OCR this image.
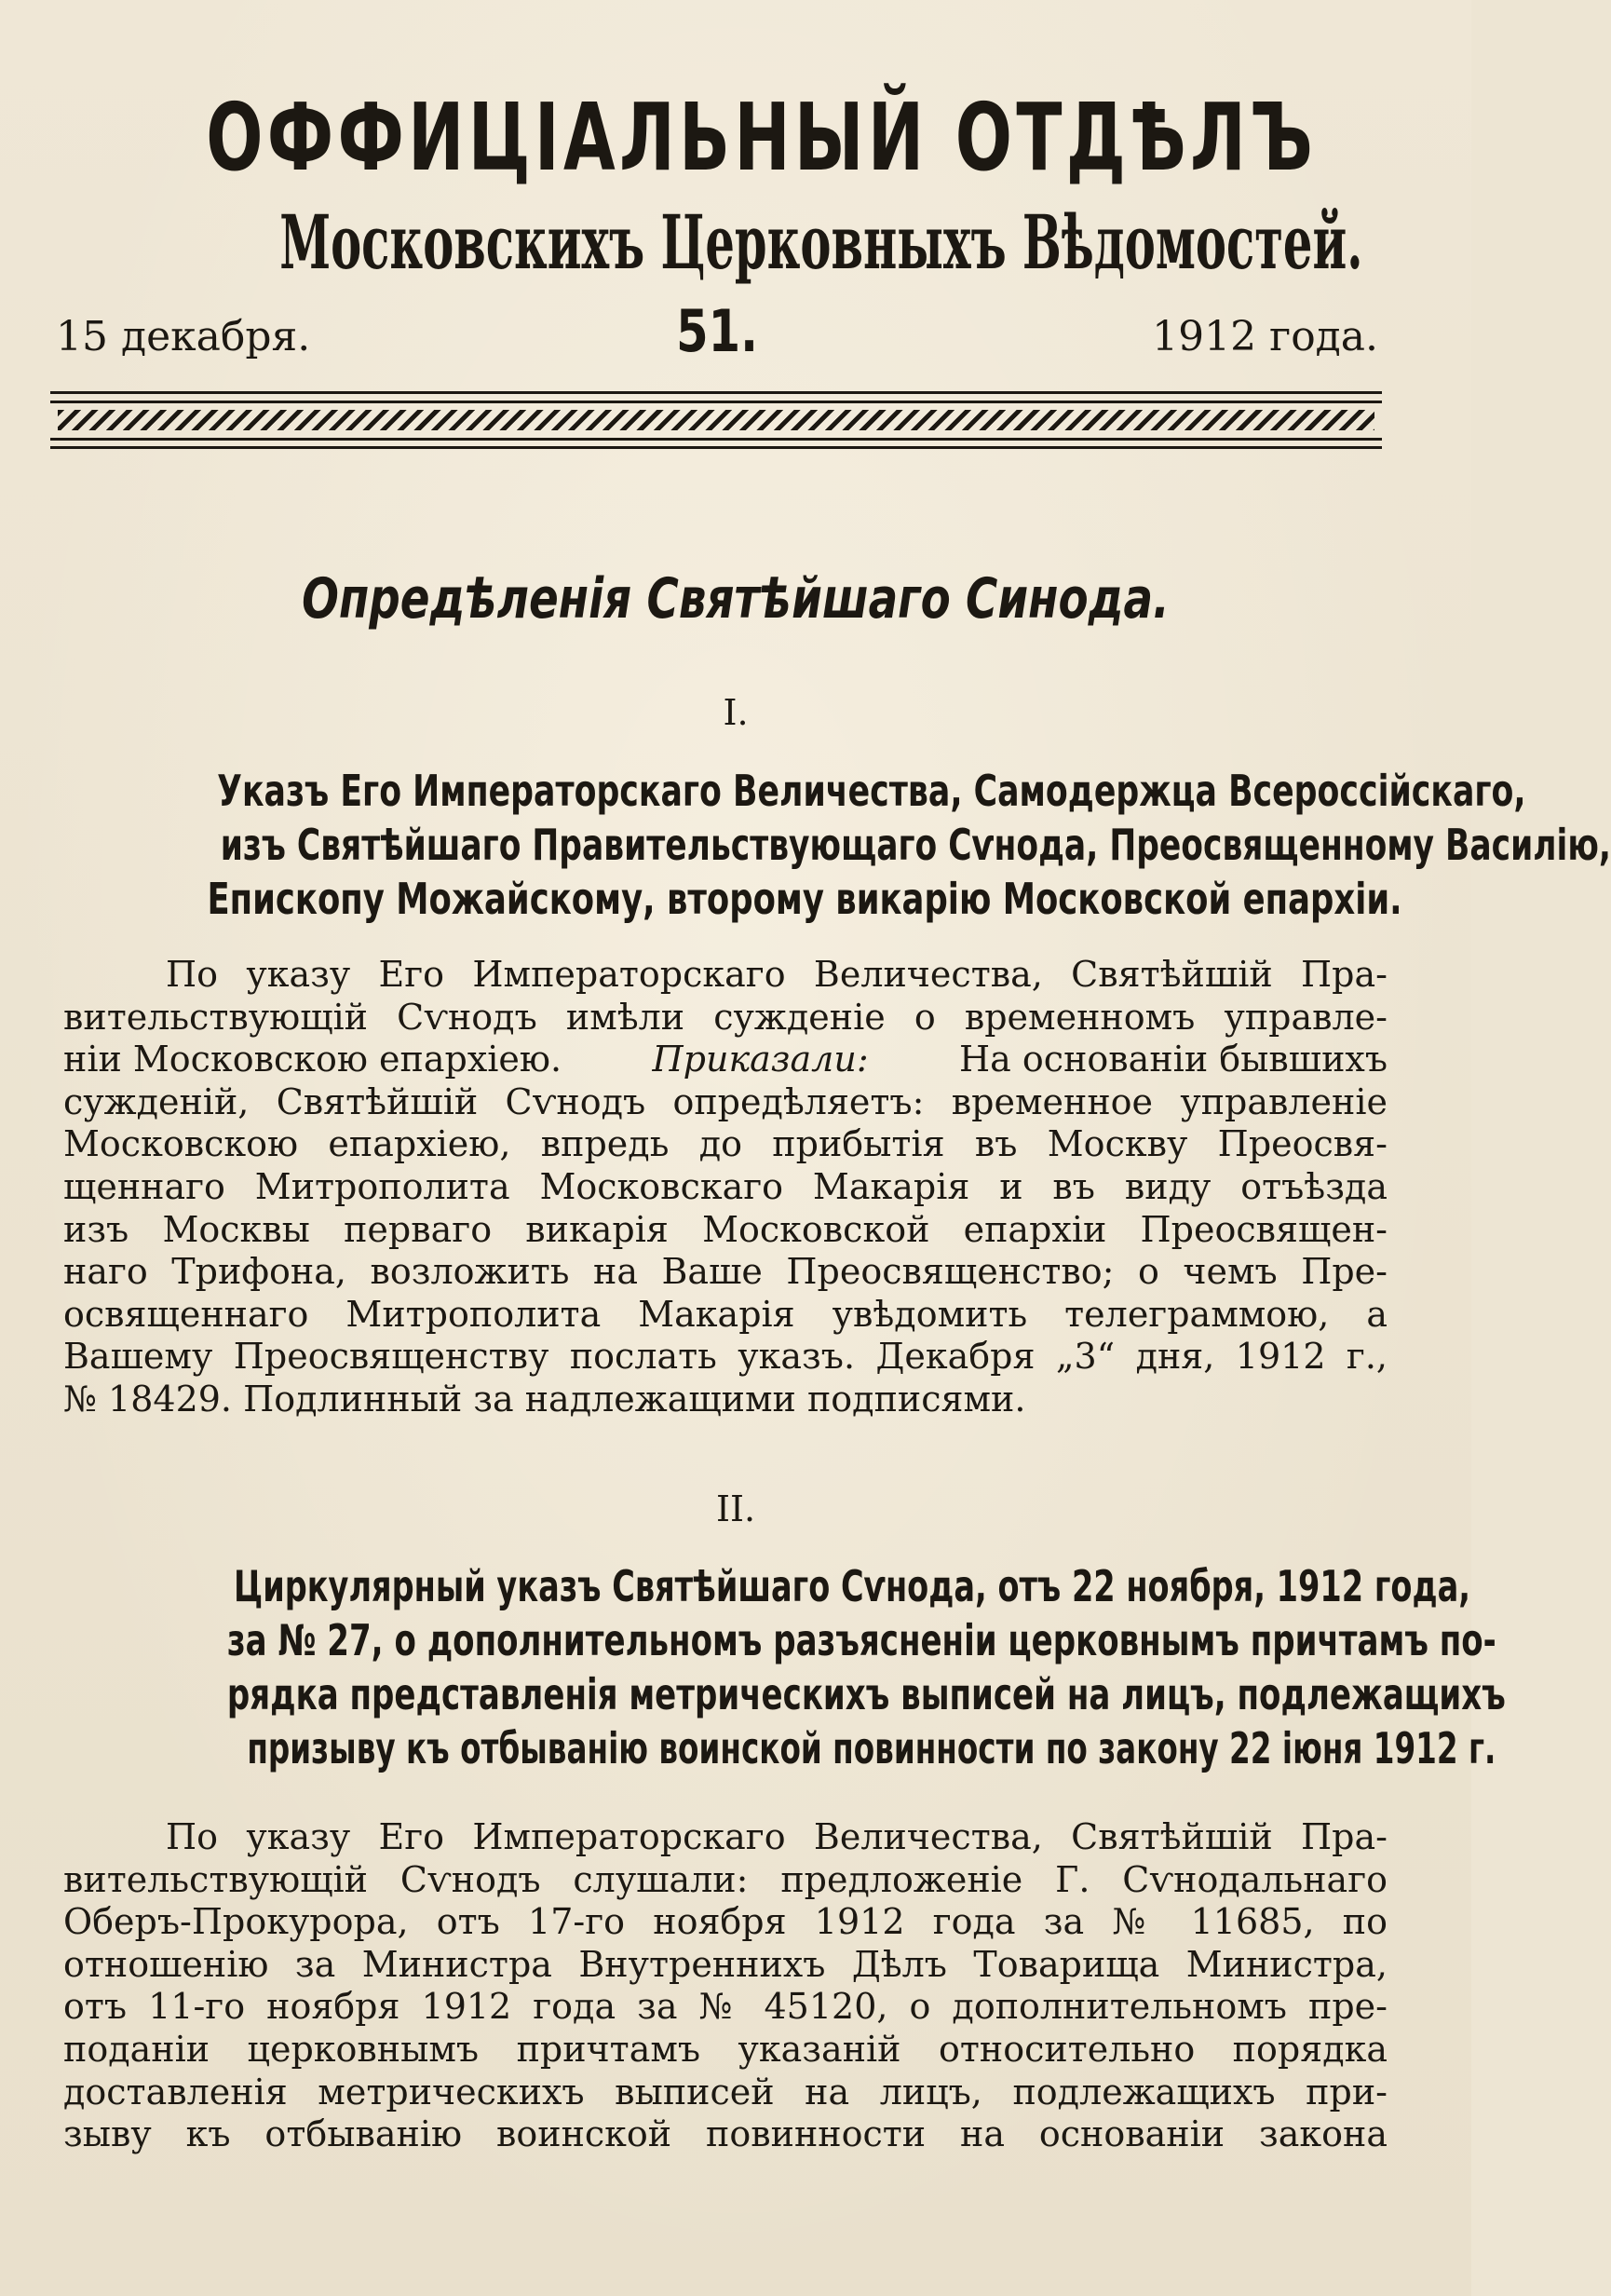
ОФФИЦІАЛЬНЫЙ ОТДѢЛЪ
Московскихъ Церковныхъ Вѣдомостей.
15 декабря.	51.	1912 года.
Опредѣленія Святѣйшаго Синода.
I.
Указъ Его Императорскаго Величества, Самодержца Всероссійскаго,
изъ Святѣйшаго Правительствующаго Сѵнода, Преосвященному Василію,
Епископу Можайскому, второму викарію Московской епархіи.
По указу Его Императорскаго Величества, Святѣйшій Пра-
вительствующій Сѵнодъ имѣли сужденіе о временномъ управле-
ніи Московскою епархіею.	Приказали:	На основаніи бывшихъ
сужденій, Святѣйшій Сѵнодъ опредѣляетъ: временное управленіе
Московскою епархіею, впредь до прибытія въ Москву Преосвя-
щеннаго Митрополита Московскаго Макарія и въ виду отъѣзда
изъ Москвы перваго викарія Московской епархіи Преосвящен-
наго Трифона, возложить на Ваше Преосвященство; о чемъ Пре-
освященнаго Митрополита Макарія увѣдомить телеграммою, а
Вашему Преосвященству послать указъ. Декабря „3“ дня, 1912 г.,
№ 18429. Подлинный за надлежащими подписями.
II.
Циркулярный указъ Святѣйшаго Сѵнода, отъ 22 ноября, 1912 года,
за № 27, о дополнительномъ разъясненіи церковнымъ причтамъ по-
рядка представленія метрическихъ выписей на лицъ, подлежащихъ
призыву къ отбыванію воинской повинности по закону 22 іюня 1912 г.
По указу Его Императорскаго Величества, Святѣйшій Пра-
вительствующій Сѵнодъ слушали: предложеніе Г. Сѵнодальнаго
Оберъ-Прокурора, отъ 17-го ноября 1912 года за № 11685, по
отношенію за Министра Внутреннихъ Дѣлъ Товарища Министра,
отъ 11-го ноября 1912 года за № 45120, о дополнительномъ пре-
подaніи церковнымъ причтамъ указаній относительно порядка
доставленія метрическихъ выписей на лицъ, подлежащихъ при-
зыву къ отбыванію воинской повинности на основаніи закона
